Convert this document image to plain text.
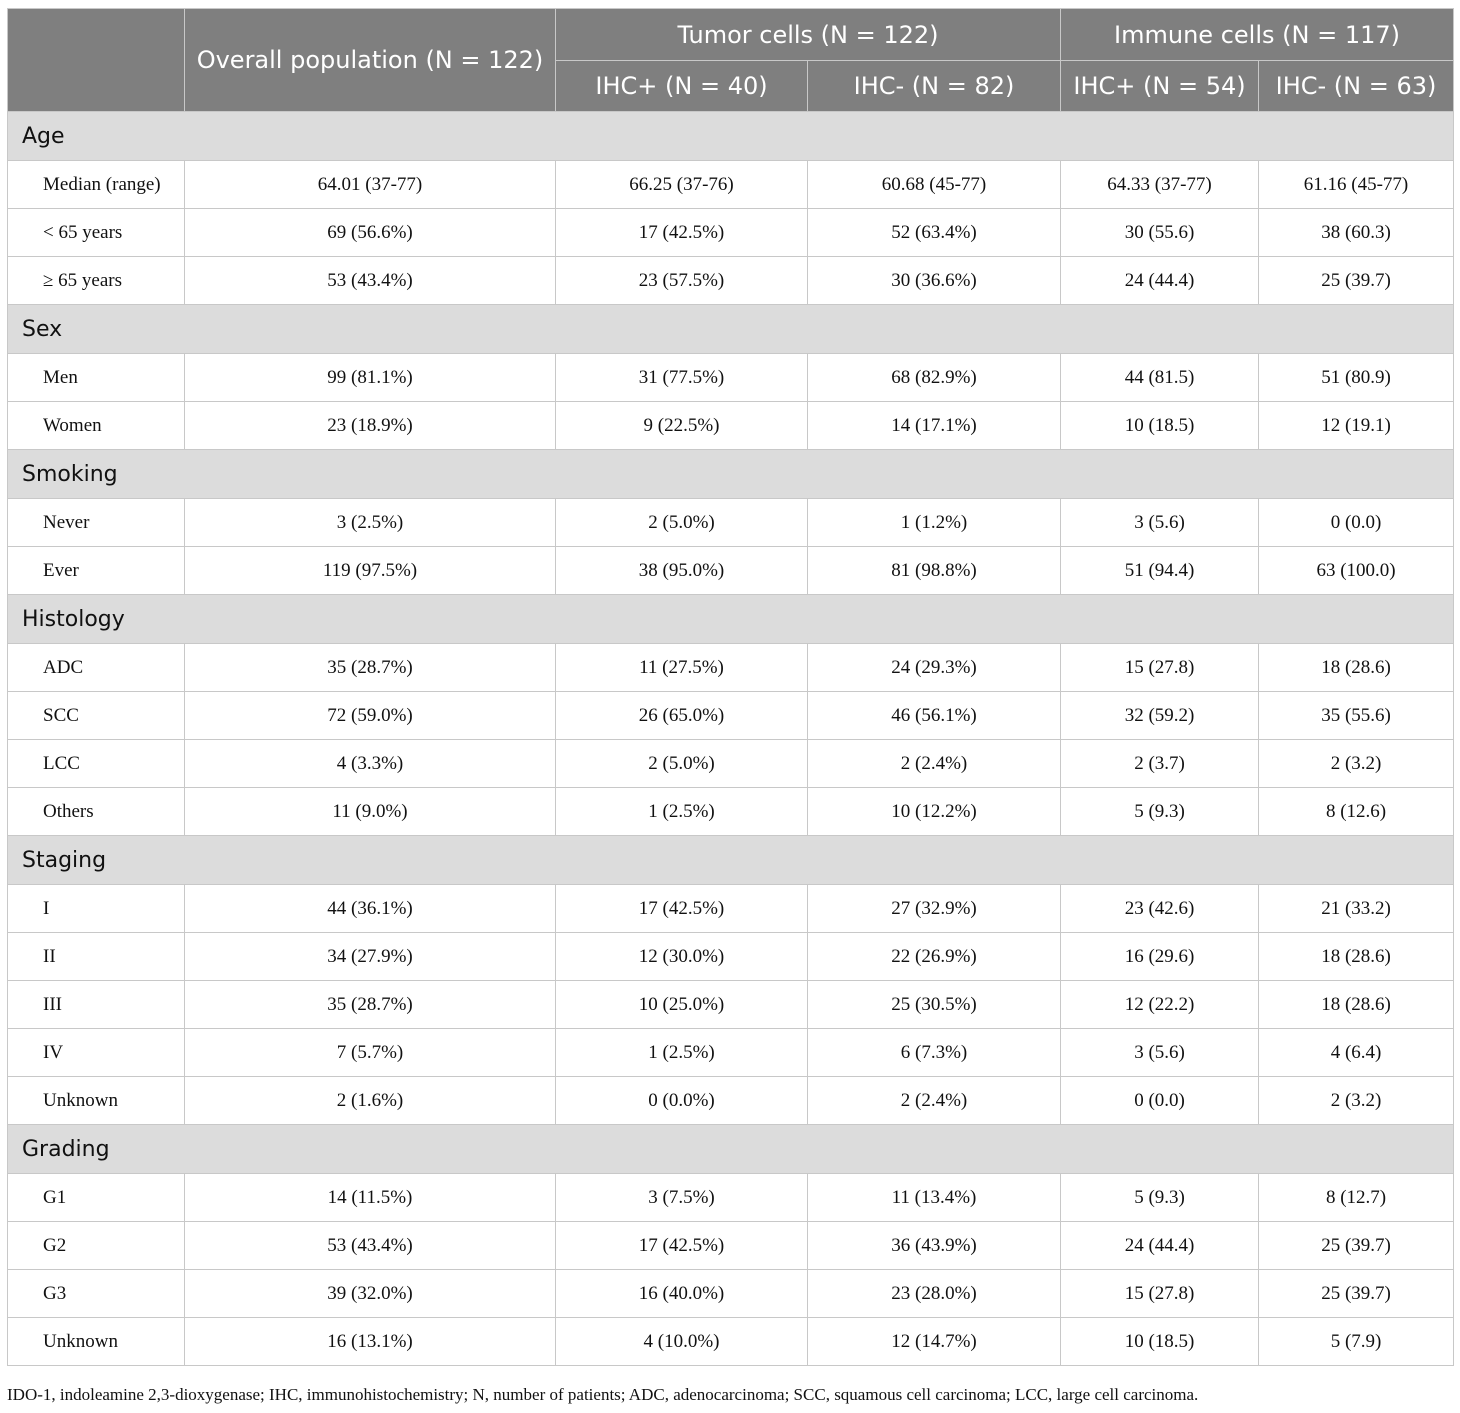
	Overall population (N = 122)	Tumor cells (N = 122)		Immune cells (N = 117)	
		IHC+ (N = 40)	IHC- (N = 82)	IHC+ (N = 54)	IHC- (N = 63)
Age					
Median (range)	64.01 (37-77)	66.25 (37-76)	60.68 (45-77)	64.33 (37-77)	61.16 (45-77)
< 65 years	69 (56.6%)	17 (42.5%)	52 (63.4%)	30 (55.6)	38 (60.3)
≥ 65 years	53 (43.4%)	23 (57.5%)	30 (36.6%)	24 (44.4)	25 (39.7)
Sex					
Men	99 (81.1%)	31 (77.5%)	68 (82.9%)	44 (81.5)	51 (80.9)
Women	23 (18.9%)	9 (22.5%)	14 (17.1%)	10 (18.5)	12 (19.1)
Smoking					
Never	3 (2.5%)	2 (5.0%)	1 (1.2%)	3 (5.6)	0 (0.0)
Ever	119 (97.5%)	38 (95.0%)	81 (98.8%)	51 (94.4)	63 (100.0)
Histology					
ADC	35 (28.7%)	11 (27.5%)	24 (29.3%)	15 (27.8)	18 (28.6)
SCC	72 (59.0%)	26 (65.0%)	46 (56.1%)	32 (59.2)	35 (55.6)
LCC	4 (3.3%)	2 (5.0%)	2 (2.4%)	2 (3.7)	2 (3.2)
Others	11 (9.0%)	1 (2.5%)	10 (12.2%)	5 (9.3)	8 (12.6)
Staging					
I	44 (36.1%)	17 (42.5%)	27 (32.9%)	23 (42.6)	21 (33.2)
II	34 (27.9%)	12 (30.0%)	22 (26.9%)	16 (29.6)	18 (28.6)
III	35 (28.7%)	10 (25.0%)	25 (30.5%)	12 (22.2)	18 (28.6)
IV	7 (5.7%)	1 (2.5%)	6 (7.3%)	3 (5.6)	4 (6.4)
Unknown	2 (1.6%)	0 (0.0%)	2 (2.4%)	0 (0.0)	2 (3.2)
Grading					
G1	14 (11.5%)	3 (7.5%)	11 (13.4%)	5 (9.3)	8 (12.7)
G2	53 (43.4%)	17 (42.5%)	36 (43.9%)	24 (44.4)	25 (39.7)
G3	39 (32.0%)	16 (40.0%)	23 (28.0%)	15 (27.8)	25 (39.7)
Unknown	16 (13.1%)	4 (10.0%)	12 (14.7%)	10 (18.5)	5 (7.9)
IDO-1, indoleamine 2,3-dioxygenase; IHC, immunohistochemistry; N, number of patients; ADC, adenocarcinoma; SCC, squamous cell carcinoma; LCC, large cell carcinoma.
